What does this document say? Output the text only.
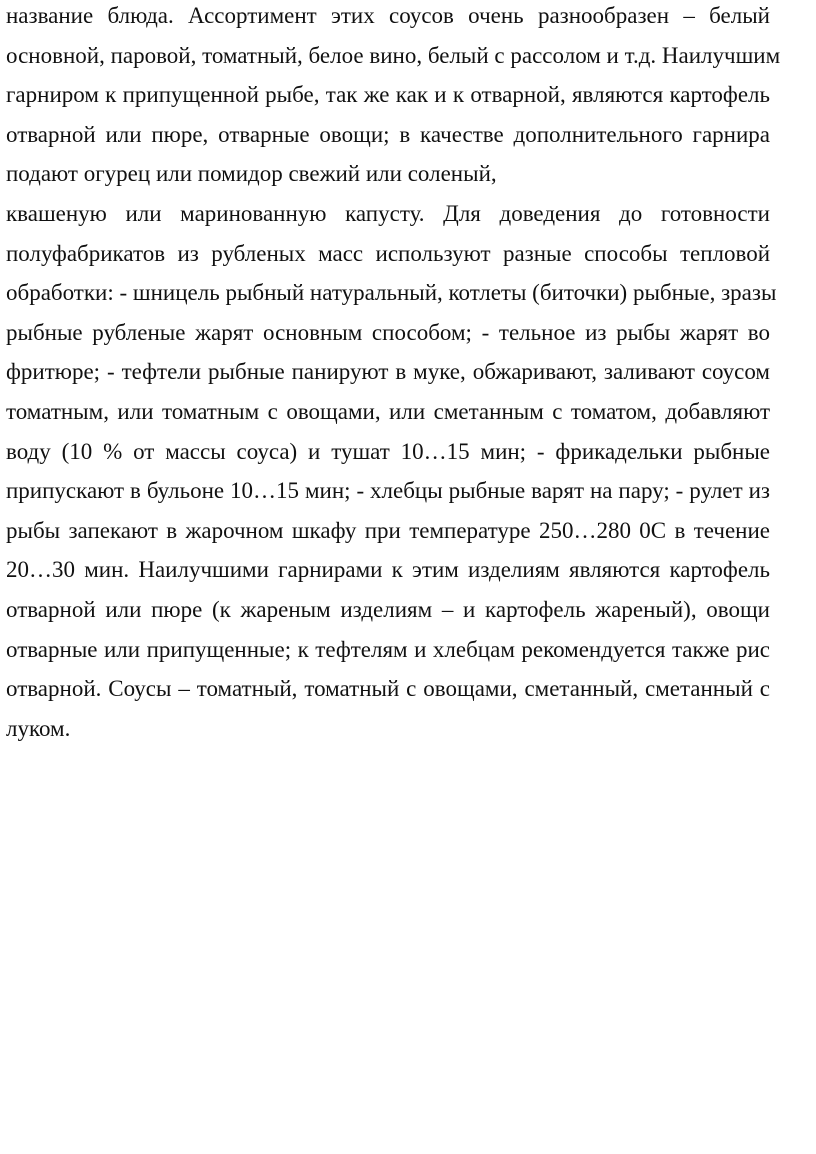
название блюда. Ассортимент этих соусов очень разнообразен – белый
основной, паровой, томатный, белое вино, белый с рассолом и т.д. Наилучшим
гарниром к припущенной рыбе, так же как и к отварной, являются картофель
отварной или пюре, отварные овощи; в качестве дополнительного гарнира
подают огурец или помидор свежий или соленый,
квашеную или маринованную капусту. Для доведения до готовности
полуфабрикатов из рубленых масс используют разные способы тепловой
обработки: - шницель рыбный натуральный, котлеты (биточки) рыбные, зразы
рыбные рубленые жарят основным способом; - тельное из рыбы жарят во
фритюре; - тефтели рыбные панируют в муке, обжаривают, заливают соусом
томатным, или томатным с овощами, или сметанным с томатом, добавляют
воду (10 % от массы соуса) и тушат 10…15 мин; - фрикадельки рыбные
припускают в бульоне 10…15 мин; - хлебцы рыбные варят на пару; - рулет из
рыбы запекают в жарочном шкафу при температуре 250…280 0С в течение
20…30 мин. Наилучшими гарнирами к этим изделиям являются картофель
отварной или пюре (к жареным изделиям – и картофель жареный), овощи
отварные или припущенные; к тефтелям и хлебцам рекомендуется также рис
отварной. Соусы – томатный, томатный с овощами, сметанный, сметанный с
луком.
